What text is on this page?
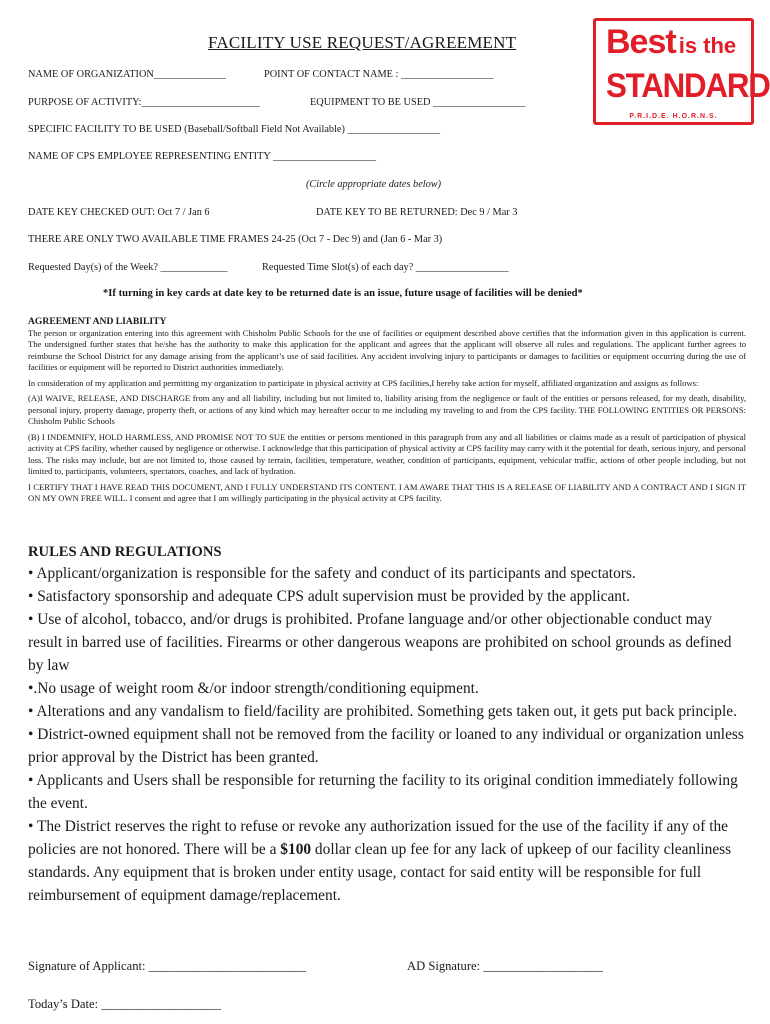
FACILITY USE REQUEST/AGREEMENT	Best is the
STANDARD
P.R.I.D.E. H.O.R.N.S.
NAME OF ORGANIZATION______________	POINT OF CONTACT NAME : __________________
PURPOSE OF ACTIVITY:_______________________	EQUIPMENT TO BE USED __________________
SPECIFIC FACILITY TO BE USED (Baseball/Softball Field Not Available) __________________
NAME OF CPS EMPLOYEE REPRESENTING ENTITY ____________________
(Circle appropriate dates below)
DATE KEY CHECKED OUT: Oct 7 / Jan 6	DATE KEY TO BE RETURNED: Dec 9 / Mar 3
THERE ARE ONLY TWO AVAILABLE TIME FRAMES 24-25 (Oct 7 - Dec 9) and (Jan 6 - Mar 3)
Requested Day(s) of the Week? _____________	Requested Time Slot(s) of each day? __________________
*If turning in key cards at date key to be returned date is an issue, future usage of facilities will be denied*
AGREEMENT AND LIABILITY

The person or organization entering into this agreement with Chisholm Public Schools for the use of facilities or equipment described above certifies that the information given in this application is current. The undersigned further states that he/she has the authority to make this application for the applicant and agrees that the applicant will observe all rules and regulations. The applicant further agrees to reimburse the School District for any damage arising from the applicant’s use of said facilities. Any accident involving injury to participants or damages to facilities or equipment occurring during the use of facilities or equipment will be reported to District authorities immediately.

In consideration of my application and permitting my organization to participate in physical activity at CPS facilities,I hereby take action for myself, affiliated organization and assigns as follows:

(A)I WAIVE, RELEASE, AND DISCHARGE from any and all liability, including but not limited to, liability arising from the negligence or fault of the entities or persons released, for my death, disability, personal injury, property damage, property theft, or actions of any kind which may hereafter occur to me including my traveling to and from the CPS facility. THE FOLLOWING ENTITIES OR PERSONS: Chisholm Public Schools

(B) I INDEMNIFY, HOLD HARMLESS, AND PROMISE NOT TO SUE the entities or persons mentioned in this paragraph from any and all liabilities or claims made as a result of participation of physical activity at CPS facility, whether caused by negligence or otherwise. I acknowledge that this participation of physical activity at CPS facility may carry with it the potential for death, serious injury, and personal loss. The risks may include, but are not limited to, those caused by terrain, facilities, temperature, weather, condition of participants, equipment, vehicular traffic, actions of other people including, but not limited to, participants, volunteers, spectators, coaches, and lack of hydration.

I CERTIFY THAT I HAVE READ THIS DOCUMENT, AND I FULLY UNDERSTAND ITS CONTENT. I AM AWARE THAT THIS IS A RELEASE OF LIABILITY AND A CONTRACT AND I SIGN IT ON MY OWN FREE WILL. I consent and agree that I am willingly participating in the physical activity at CPS facility.

RULES AND REGULATIONS

• Applicant/organization is responsible for the safety and conduct of its participants and spectators.

• Satisfactory sponsorship and adequate CPS adult supervision must be provided by the applicant.

• Use of alcohol, tobacco, and/or drugs is prohibited. Profane language and/or other objectionable conduct may result in barred use of facilities. Firearms or other dangerous weapons are prohibited on school grounds as defined by law

•.No usage of weight room &/or indoor strength/conditioning equipment.

• Alterations and any vandalism to field/facility are prohibited. Something gets taken out, it gets put back principle.

• District-owned equipment shall not be removed from the facility or loaned to any individual or organization unless prior approval by the District has been granted.

• Applicants and Users shall be responsible for returning the facility to its original condition immediately following the event.

• The District reserves the right to refuse or revoke any authorization issued for the use of the facility if any of the policies are not honored. There will be a $100 dollar clean up fee for any lack of upkeep of our facility cleanliness standards. Any equipment that is broken under entity usage, contact for said entity will be responsible for full reimbursement of equipment damage/replacement.

Signature of Applicant: _________________________	AD Signature: ___________________
Today’s Date: ___________________
